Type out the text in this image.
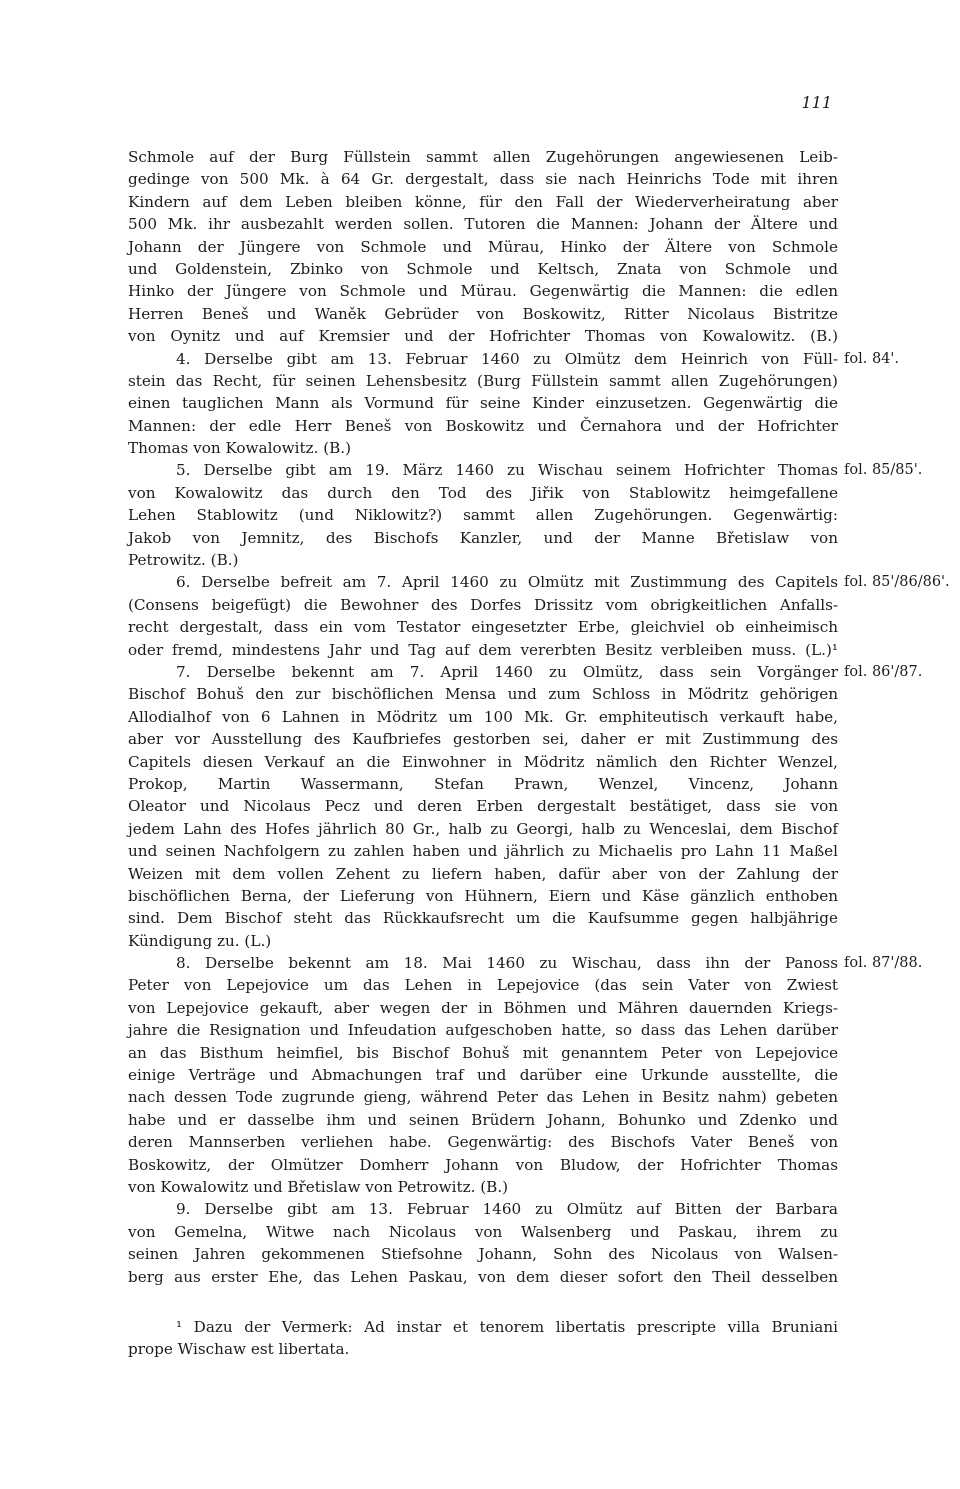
111
Schmole auf der Burg Füllstein sammt allen Zugehörungen angewiesenen Leib-
gedinge von 500 Mk. à 64 Gr. dergestalt, dass sie nach Heinrichs Tode mit ihren
Kindern auf dem Leben bleiben könne, für den Fall der Wiederverheiratung aber
500 Mk. ihr ausbezahlt werden sollen. Tutoren die Mannen: Johann der Ältere und
Johann der Jüngere von Schmole und Mürau, Hinko der Ältere von Schmole
und Goldenstein, Zbinko von Schmole und Keltsch, Znata von Schmole und
Hinko der Jüngere von Schmole und Mürau. Gegenwärtig die Mannen: die edlen
Herren Beneš und Waněk Gebrüder von Boskowitz, Ritter Nicolaus Bistritze
von Oynitz und auf Kremsier und der Hofrichter Thomas von Kowalowitz. (B.)
4. Derselbe gibt am 13. Februar 1460 zu Olmütz dem Heinrich von Füll- fol. 84'.
stein das Recht, für seinen Lehensbesitz (Burg Füllstein sammt allen Zugehörungen)
einen tauglichen Mann als Vormund für seine Kinder einzusetzen. Gegenwärtig die
Mannen: der edle Herr Beneš von Boskowitz und Černahora und der Hofrichter
Thomas von Kowalowitz. (B.)
5. Derselbe gibt am 19. März 1460 zu Wischau seinem Hofrichter Thomas fol. 85/85'.
von Kowalowitz das durch den Tod des Jiřik von Stablowitz heimgefallene
Lehen Stablowitz (und Niklowitz?) sammt allen Zugehörungen. Gegenwärtig:
Jakob von Jemnitz, des Bischofs Kanzler, und der Manne Břetislaw von
Petrowitz. (B.)
6. Derselbe befreit am 7. April 1460 zu Olmütz mit Zustimmung des Capitels fol. 85'/86/86'.
(Consens beigefügt) die Bewohner des Dorfes Drissitz vom obrigkeitlichen Anfalls-
recht dergestalt, dass ein vom Testator eingesetzter Erbe, gleichviel ob einheimisch
oder fremd, mindestens Jahr und Tag auf dem vererbten Besitz verbleiben muss. (L.)¹
7. Derselbe bekennt am 7. April 1460 zu Olmütz, dass sein Vorgänger fol. 86'/87.
Bischof Bohuš den zur bischöflichen Mensa und zum Schloss in Mödritz gehörigen
Allodialhof von 6 Lahnen in Mödritz um 100 Mk. Gr. emphiteutisch verkauft habe,
aber vor Ausstellung des Kaufbriefes gestorben sei, daher er mit Zustimmung des
Capitels diesen Verkauf an die Einwohner in Mödritz nämlich den Richter Wenzel,
Prokop, Martin Wassermann, Stefan Prawn, Wenzel, Vincenz, Johann
Oleator und Nicolaus Pecz und deren Erben dergestalt bestätiget, dass sie von
jedem Lahn des Hofes jährlich 80 Gr., halb zu Georgi, halb zu Wenceslai, dem Bischof
und seinen Nachfolgern zu zahlen haben und jährlich zu Michaelis pro Lahn 11 Maßel
Weizen mit dem vollen Zehent zu liefern haben, dafür aber von der Zahlung der
bischöflichen Berna, der Lieferung von Hühnern, Eiern und Käse gänzlich enthoben
sind. Dem Bischof steht das Rückkaufsrecht um die Kaufsumme gegen halbjährige
Kündigung zu. (L.)
8. Derselbe bekennt am 18. Mai 1460 zu Wischau, dass ihn der Panoss fol. 87'/88.
Peter von Lepejovice um das Lehen in Lepejovice (das sein Vater von Zwiest
von Lepejovice gekauft, aber wegen der in Böhmen und Mähren dauernden Kriegs-
jahre die Resignation und Infeudation aufgeschoben hatte, so dass das Lehen darüber
an das Bisthum heimfiel, bis Bischof Bohuš mit genanntem Peter von Lepejovice
einige Verträge und Abmachungen traf und darüber eine Urkunde ausstellte, die
nach dessen Tode zugrunde gieng, während Peter das Lehen in Besitz nahm) gebeten
habe und er dasselbe ihm und seinen Brüdern Johann, Bohunko und Zdenko und
deren Mannserben verliehen habe. Gegenwärtig: des Bischofs Vater Beneš von
Boskowitz, der Olmützer Domherr Johann von Bludow, der Hofrichter Thomas
von Kowalowitz und Břetislaw von Petrowitz. (B.)
9. Derselbe gibt am 13. Februar 1460 zu Olmütz auf Bitten der Barbara
von Gemelna, Witwe nach Nicolaus von Walsenberg und Paskau, ihrem zu
seinen Jahren gekommenen Stiefsohne Johann, Sohn des Nicolaus von Walsen-
berg aus erster Ehe, das Lehen Paskau, von dem dieser sofort den Theil desselben
¹ Dazu der Vermerk: Ad instar et tenorem libertatis prescripte villa Bruniani
prope Wischaw est libertata.
